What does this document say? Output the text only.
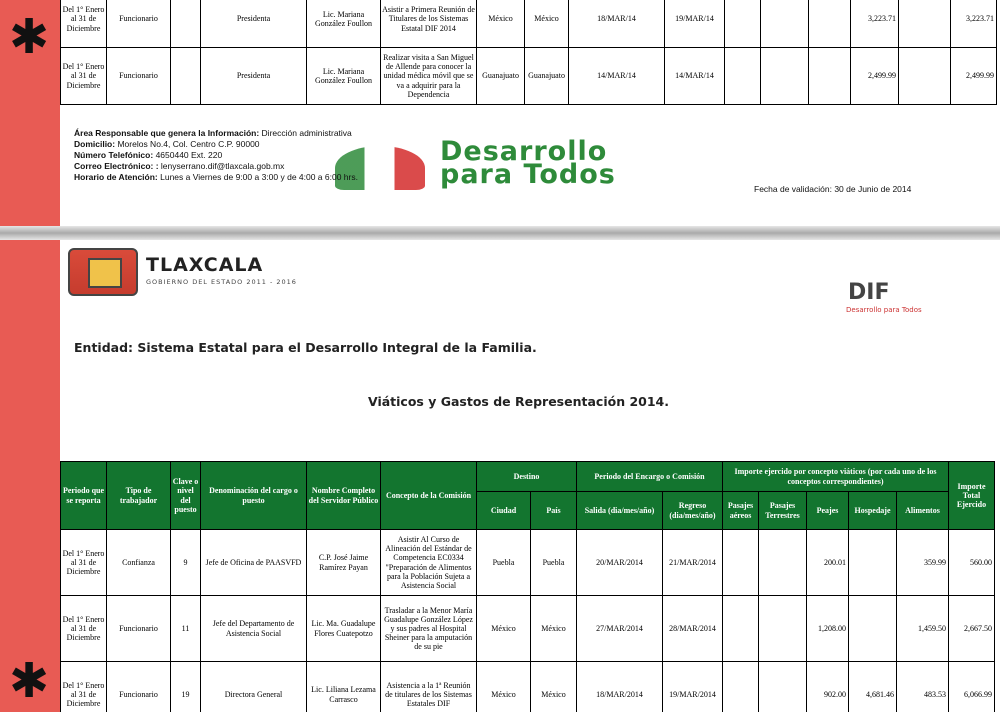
✱
✱
Del 1° Enero al 31 de Diciembre	Funcionario		Presidenta	Lic. Mariana González Foullon	Asistir a Primera Reunión de Titulares de los Sistemas Estatal DIF 2014	México	México	18/MAR/14	19/MAR/14				3,223.71		3,223.71
Del 1° Enero al 31 de Diciembre	Funcionario		Presidenta	Lic. Mariana González Foullon	Realizar visita a San Miguel de Allende para conocer la unidad médica móvil que se va a adquirir para la Dependencia	Guanajuato	Guanajuato	14/MAR/14	14/MAR/14				2,499.99		2,499.99
Desarrollo
para Todos
Área Responsable que genera la Información: Dirección administrativa
Domicilio: Morelos No.4, Col. Centro C.P. 90000
Número Telefónico: 4650440 Ext. 220
Correo Electrónico: : lenyserrano.dif@tlaxcala.gob.mx
Horario de Atención: Lunes a Viernes de 9:00 a 3:00 y de 4:00 a 6:00 hrs.
Fecha de validación: 30 de Junio de 2014
TLAXCALA
GOBIERNO DEL ESTADO 2011 - 2016	DIF
Desarrollo para Todos
Entidad: Sistema Estatal para el Desarrollo Integral de la Familia.
Viáticos y Gastos de Representación 2014.
Periodo que se reporta	Tipo de trabajador	Clave o nivel del puesto	Denominación del cargo o puesto	Nombre Completo del Servidor Público	Concepto de la Comisión	Destino		Periodo del Encargo o Comisión		Importe ejercido por concepto viáticos (por cada uno de los conceptos correspondientes)					Importe Total Ejercido
						Ciudad	País	Salida (dia/mes/año)	Regreso (dia/mes/año)	Pasajes aéreos	Pasajes Terrestres	Peajes	Hospedaje	Alimentos	
Del 1° Enero al 31 de Diciembre	Confianza	9	Jefe de Oficina de PAASVFD	C.P. José Jaime Ramírez Payan	Asistir Al Curso de Alineación del Estándar de Competencia EC0334 "Preparación de Alimentos para la Población Sujeta a Asistencia Social	Puebla	Puebla	20/MAR/2014	21/MAR/2014			200.01		359.99	560.00
Del 1° Enero al 31 de Diciembre	Funcionario	11	Jefe del Departamento de Asistencia Social	Lic. Ma. Guadalupe Flores Cuatepotzo	Trasladar a la Menor María Guadalupe González López y sus padres al Hospital Sheiner para la amputación de su pie	México	México	27/MAR/2014	28/MAR/2014			1,208.00		1,459.50	2,667.50
Del 1° Enero al 31 de Diciembre	Funcionario	19	Directora General	Lic. Liliana Lezama Carrasco	Asistencia a la 1ª Reunión de titulares de los Sistemas Estatales DIF	México	México	18/MAR/2014	19/MAR/2014			902.00	4,681.46	483.53	6,066.99
